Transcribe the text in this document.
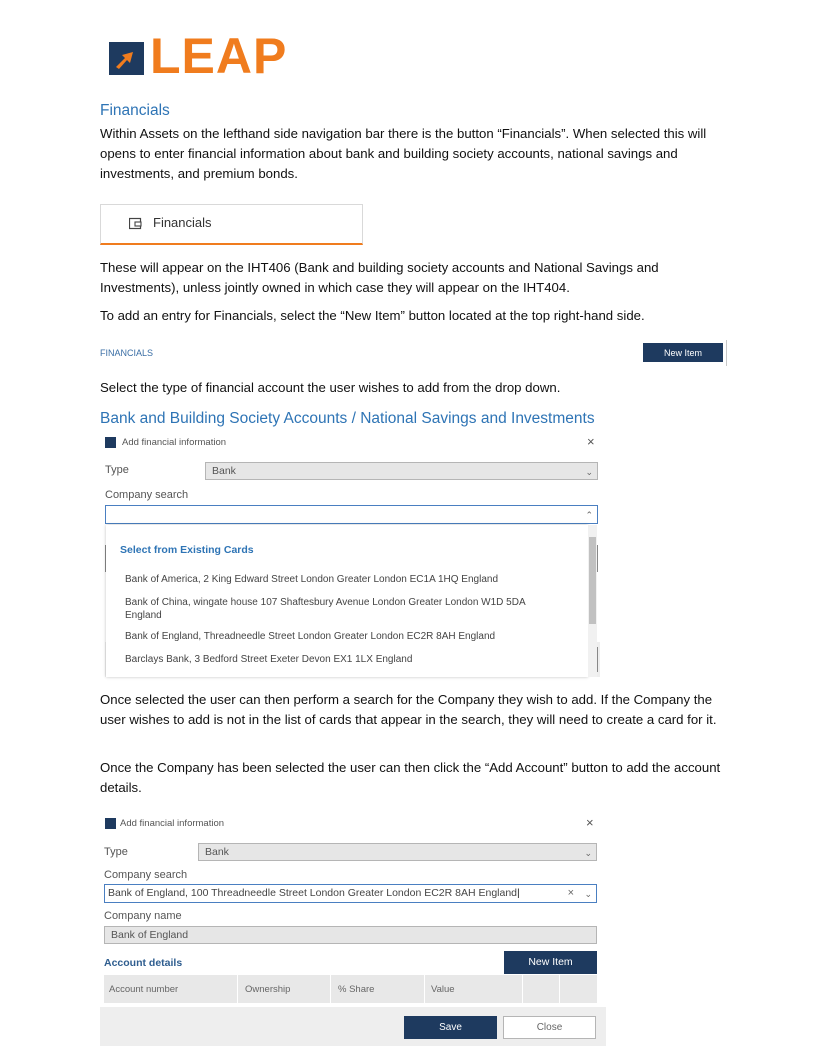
LEAP
Financials
Within Assets on the lefthand side navigation bar there is the button “Financials”. When selected this will opens to enter financial information about bank and building society accounts, national savings and investments, and premium bonds.
Financials
These will appear on the IHT406 (Bank and building society accounts and National Savings and Investments), unless jointly owned in which case they will appear on the IHT404.
To add an entry for Financials, select the “New Item” button located at the top right-hand side.
FINANCIALS	New Item
Select the type of financial account the user wishes to add from the drop down.
Bank and Building Society Accounts / National Savings and Investments
Add financial information	×
Type	Bank	⌄
Company search
⌃
Select from Existing Cards
Bank of America, 2 King Edward Street London Greater London EC1A 1HQ England
Bank of China, wingate house 107 Shaftesbury Avenue London Greater London W1D 5DA
England
Bank of England, Threadneedle Street London Greater London EC2R 8AH England
Barclays Bank, 3 Bedford Street Exeter Devon EX1 1LX England
Once selected the user can then perform a search for the Company they wish to add. If the Company the user wishes to add is not in the list of cards that appear in the search, they will need to create a card for it.
Once the Company has been selected the user can then click the “Add Account” button to add the account details.
Add financial information	×
Type	Bank	⌄
Company search
Bank of England, 100 Threadneedle Street London Greater London EC2R 8AH England|	× ⌄
Company name
Bank of England
Account details	New Item
Account number	Ownership	% Share	Value
Save	Close
